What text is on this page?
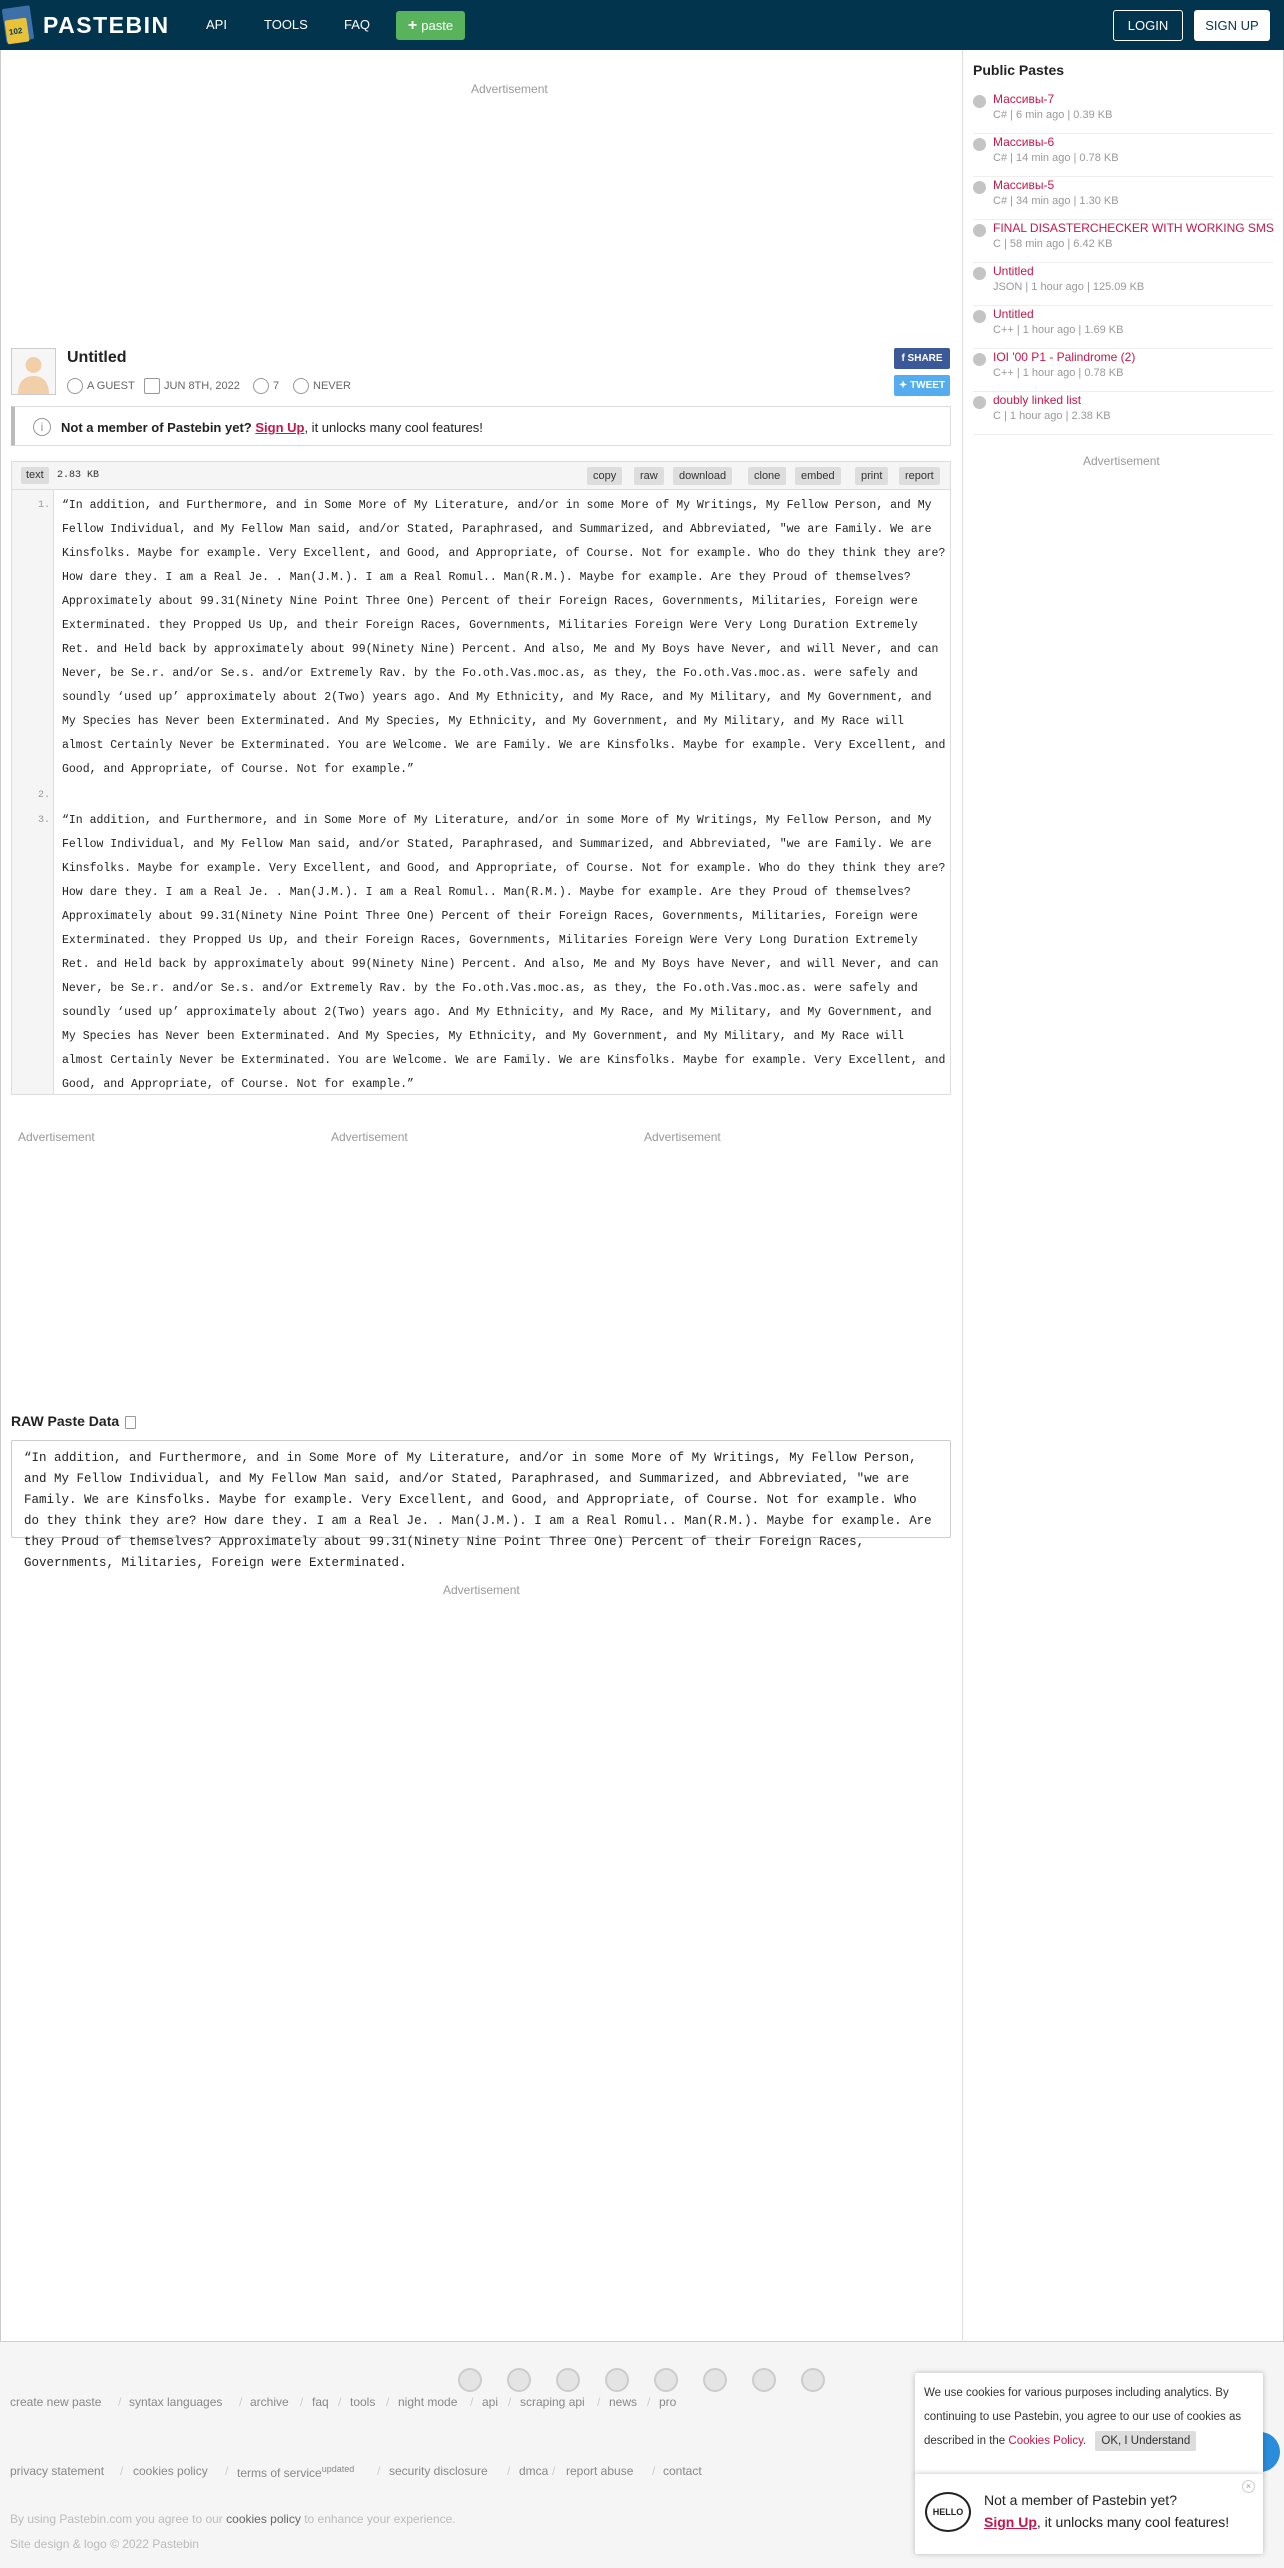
102 PASTEBIN	API	TOOLS	FAQ	+ paste	LOGIN	SIGN UP
Advertisement
Untitled
A GUEST	JUN 8TH, 2022	7	NEVER
f SHARE
✦ TWEET
i	Not a member of Pastebin yet? Sign Up, it unlocks many cool features!
text	2.83 KB	copy	raw	download	clone	embed	print	report
1.
2.
3.
“In addition, and Furthermore, and in Some More of My Literature, and/or in some More of My Writings, My Fellow Person, and My Fellow Individual, and My Fellow Man said, and/or Stated, Paraphrased, and Summarized, and Abbreviated, "we are Family. We are Kinsfolks. Maybe for example. Very Excellent, and Good, and Appropriate, of Course. Not for example. Who do they think they are? How dare they. I am a Real Je. . Man(J.M.). I am a Real Romul.. Man(R.M.). Maybe for example. Are they Proud of themselves? Approximately about 99.31(Ninety Nine Point Three One) Percent of their Foreign Races, Governments, Militaries, Foreign were Exterminated. they Propped Us Up, and their Foreign Races, Governments, Militaries Foreign Were Very Long Duration Extremely Ret. and Held back by approximately about 99(Ninety Nine) Percent. And also, Me and My Boys have Never, and will Never, and can Never, be Se.r. and/or Se.s. and/or Extremely Rav. by the Fo.oth.Vas.moc.as, as they, the Fo.oth.Vas.moc.as. were safely and soundly ‘used up’ approximately about 2(Two) years ago. And My Ethnicity, and My Race, and My Military, and My Government, and My Species has Never been Exterminated. And My Species, My Ethnicity, and My Government, and My Military, and My Race will almost Certainly Never be Exterminated. You are Welcome. We are Family. We are Kinsfolks. Maybe for example. Very Excellent, and Good, and Appropriate, of Course. Not for example.”
“In addition, and Furthermore, and in Some More of My Literature, and/or in some More of My Writings, My Fellow Person, and My Fellow Individual, and My Fellow Man said, and/or Stated, Paraphrased, and Summarized, and Abbreviated, "we are Family. We are Kinsfolks. Maybe for example. Very Excellent, and Good, and Appropriate, of Course. Not for example. Who do they think they are? How dare they. I am a Real Je. . Man(J.M.). I am a Real Romul.. Man(R.M.). Maybe for example. Are they Proud of themselves? Approximately about 99.31(Ninety Nine Point Three One) Percent of their Foreign Races, Governments, Militaries, Foreign were Exterminated. they Propped Us Up, and their Foreign Races, Governments, Militaries Foreign Were Very Long Duration Extremely Ret. and Held back by approximately about 99(Ninety Nine) Percent. And also, Me and My Boys have Never, and will Never, and can Never, be Se.r. and/or Se.s. and/or Extremely Rav. by the Fo.oth.Vas.moc.as, as they, the Fo.oth.Vas.moc.as. were safely and soundly ‘used up’ approximately about 2(Two) years ago. And My Ethnicity, and My Race, and My Military, and My Government, and My Species has Never been Exterminated. And My Species, My Ethnicity, and My Government, and My Military, and My Race will almost Certainly Never be Exterminated. You are Welcome. We are Family. We are Kinsfolks. Maybe for example. Very Excellent, and Good, and Appropriate, of Course. Not for example.”
Advertisement	Advertisement	Advertisement
RAW Paste Data
“In addition, and Furthermore, and in Some More of My Literature, and/or in some More of My Writings, My Fellow Person, and My Fellow Individual, and My Fellow Man said, and/or Stated, Paraphrased, and Summarized, and Abbreviated, "we are Family. We are Kinsfolks. Maybe for example. Very Excellent, and Good, and Appropriate, of Course. Not for example. Who do they think they are? How dare they. I am a Real Je. . Man(J.M.). I am a Real Romul.. Man(R.M.). Maybe for example. Are they Proud of themselves? Approximately about 99.31(Ninety Nine Point Three One) Percent of their Foreign Races, Governments, Militaries, Foreign were Exterminated.
Advertisement
Public Pastes
Массивы-7
C# | 6 min ago | 0.39 KB
Массивы-6
C# | 14 min ago | 0.78 KB
Массивы-5
C# | 34 min ago | 1.30 KB
FINAL DISASTERCHECKER WITH WORKING SMS
C | 58 min ago | 6.42 KB
Untitled
JSON | 1 hour ago | 125.09 KB
Untitled
C++ | 1 hour ago | 1.69 KB
IOI '00 P1 - Palindrome (2)
C++ | 1 hour ago | 0.78 KB
doubly linked list
C | 1 hour ago | 2.38 KB
Advertisement
create new paste / syntax languages / archive / faq / tools / night mode / api / scraping api / news / pro
privacy statement / cookies policy / terms of service$^{updated}$ / security disclosure / dmca / report abuse / contact
By using Pastebin.com you agree to our cookies policy to enhance your experience.
Site design & logo © 2022 Pastebin
We use cookies for various purposes including analytics. By continuing to use Pastebin, you agree to our use of cookies as described in the Cookies Policy. OK, I Understand
HELLO
×
Not a member of Pastebin yet?
Sign Up, it unlocks many cool features!
